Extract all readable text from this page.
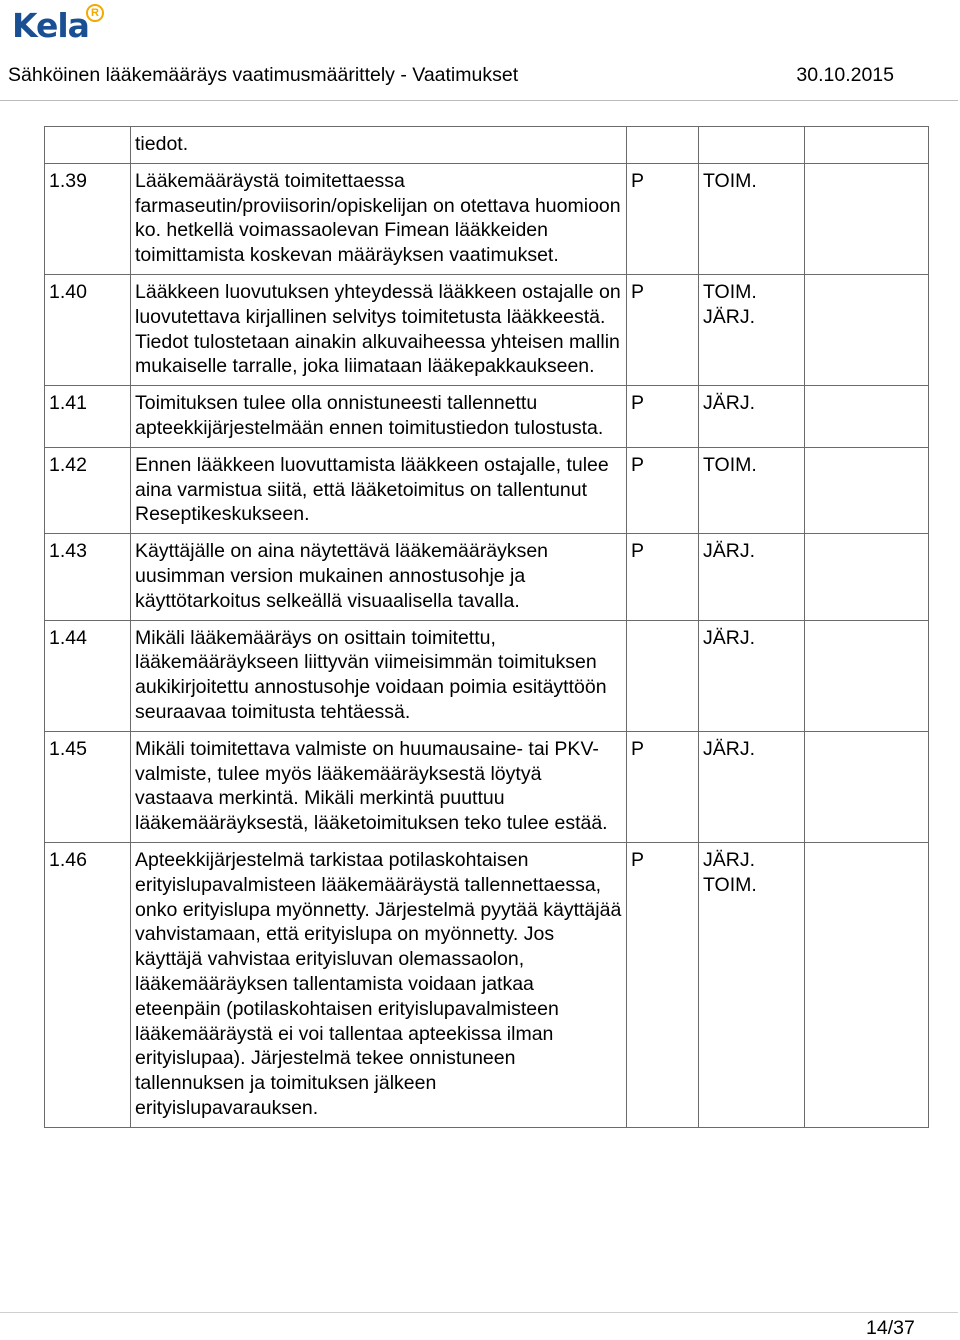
Kela R
Sähköinen lääkemääräys vaatimusmäärittely - Vaatimukset	30.10.2015
	tiedot.			
1.39	Lääkemääräystä toimitettaessa farmaseutin/proviisorin/opiskelijan on otettava huomioon ko. hetkellä voimassaolevan Fimean lääkkeiden toimittamista koskevan määräyksen vaatimukset.	P	TOIM.	
1.40	Lääkkeen luovutuksen yhteydessä lääkkeen ostajalle on luovutettava kirjallinen selvitys toimitetusta lääkkeestä. Tiedot tulostetaan ainakin alkuvaiheessa yhteisen mallin mukaiselle tarralle, joka liimataan lääkepakkaukseen.	P	TOIM. JÄRJ.	
1.41	Toimituksen tulee olla onnistuneesti tallennettu apteekkijärjestelmään ennen toimitustiedon tulostusta.	P	JÄRJ.	
1.42	Ennen lääkkeen luovuttamista lääkkeen ostajalle, tulee aina varmistua siitä, että lääketoimitus on tallentunut Reseptikeskukseen.	P	TOIM.	
1.43	Käyttäjälle on aina näytettävä lääkemääräyksen uusimman version mukainen annostusohje ja käyttötarkoitus selkeällä visuaalisella tavalla.	P	JÄRJ.	
1.44	Mikäli lääkemääräys on osittain toimitettu, lääkemääräykseen liittyvän viimeisimmän toimituksen aukikirjoitettu annostusohje voidaan poimia esitäyttöön seuraavaa toimitusta tehtäessä.		JÄRJ.	
1.45	Mikäli toimitettava valmiste on huumausaine- tai PKV-valmiste, tulee myös lääkemääräyksestä löytyä vastaava merkintä. Mikäli merkintä puuttuu lääkemääräyksestä, lääketoimituksen teko tulee estää.	P	JÄRJ.	
1.46	Apteekkijärjestelmä tarkistaa potilaskohtaisen erityislupavalmisteen lääkemääräystä tallennettaessa, onko erityislupa myönnetty. Järjestelmä pyytää käyttäjää vahvistamaan, että erityislupa on myönnetty. Jos käyttäjä vahvistaa erityisluvan olemassaolon, lääkemääräyksen tallentamista voidaan jatkaa eteenpäin (potilaskohtaisen erityislupavalmisteen lääkemääräystä ei voi tallentaa apteekissa ilman erityislupaa). Järjestelmä tekee onnistuneen tallennuksen ja toimituksen jälkeen erityislupavarauksen.	P	JÄRJ. TOIM.	
14/37
